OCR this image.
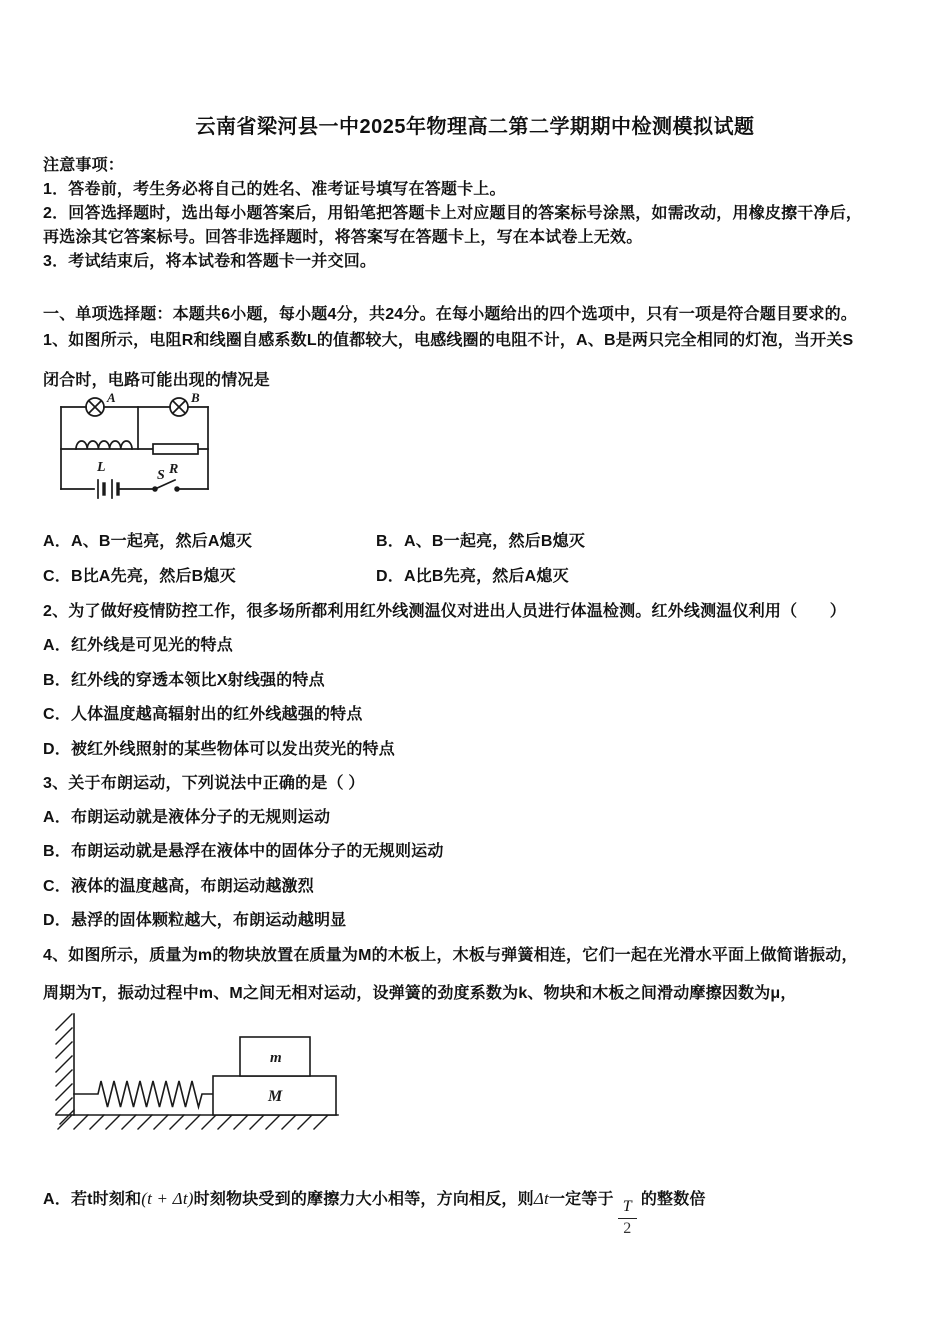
云南省梁河县一中2025年物理高二第二学期期中检测模拟试题
注意事项：
1．答卷前，考生务必将自己的姓名、准考证号填写在答题卡上。
2．回答选择题时，选出每小题答案后，用铅笔把答题卡上对应题目的答案标号涂黑，如需改动，用橡皮擦干净后，
再选涂其它答案标号。回答非选择题时，将答案写在答题卡上，写在本试卷上无效。
3．考试结束后，将本试卷和答题卡一并交回。
一、单项选择题：本题共6小题，每小题4分，共24分。在每小题给出的四个选项中，只有一项是符合题目要求的。
1、如图所示，电阻R和线圈自感系数L的值都较大，电感线圈的电阻不计，A、B是两只完全相同的灯泡，当开关S
闭合时，电路可能出现的情况是
A	B
L	R
S
A．A、B一起亮，然后A熄灭	B．A、B一起亮，然后B熄灭
C．B比A先亮，然后B熄灭	D．A比B先亮，然后A熄灭
2、为了做好疫情防控工作，很多场所都利用红外线测温仪对进出人员进行体温检测。红外线测温仪利用（　　）
A．红外线是可见光的特点
B．红外线的穿透本领比X射线强的特点
C．人体温度越高辐射出的红外线越强的特点
D．被红外线照射的某些物体可以发出荧光的特点
3、关于布朗运动，下列说法中正确的是（ ）
A．布朗运动就是液体分子的无规则运动
B．布朗运动就是悬浮在液体中的固体分子的无规则运动
C．液体的温度越高，布朗运动越激烈
D．悬浮的固体颗粒越大，布朗运动越明显
4、如图所示，质量为m的物块放置在质量为M的木板上，木板与弹簧相连，它们一起在光滑水平面上做简谐振动，
周期为T，振动过程中m、M之间无相对运动，设弹簧的劲度系数为k、物块和木板之间滑动摩擦因数为μ，
m
M
A．若t时刻和(t + Δt)时刻物块受到的摩擦力大小相等，方向相反，则Δt一定等于 $\frac{T}{2}$ 的整数倍
